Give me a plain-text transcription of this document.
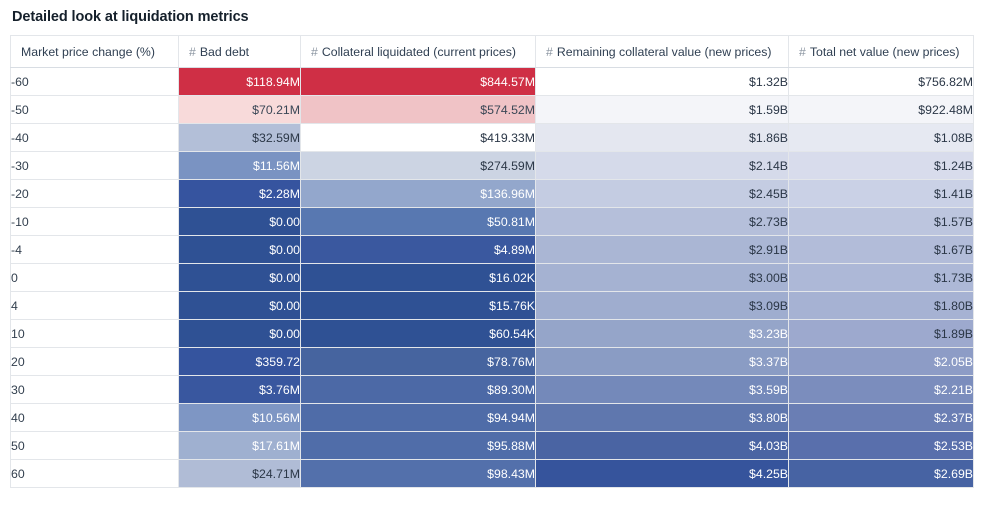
Detailed look at liquidation metrics
Market price change (%)	# Bad debt	# Collateral liquidated (current prices)	# Remaining collateral value (new prices)	# Total net value (new prices)
-60	$118.94M	$844.57M	$1.32B	$756.82M
-50	$70.21M	$574.52M	$1.59B	$922.48M
-40	$32.59M	$419.33M	$1.86B	$1.08B
-30	$11.56M	$274.59M	$2.14B	$1.24B
-20	$2.28M	$136.96M	$2.45B	$1.41B
-10	$0.00	$50.81M	$2.73B	$1.57B
-4	$0.00	$4.89M	$2.91B	$1.67B
0	$0.00	$16.02K	$3.00B	$1.73B
4	$0.00	$15.76K	$3.09B	$1.80B
10	$0.00	$60.54K	$3.23B	$1.89B
20	$359.72	$78.76M	$3.37B	$2.05B
30	$3.76M	$89.30M	$3.59B	$2.21B
40	$10.56M	$94.94M	$3.80B	$2.37B
50	$17.61M	$95.88M	$4.03B	$2.53B
60	$24.71M	$98.43M	$4.25B	$2.69B
